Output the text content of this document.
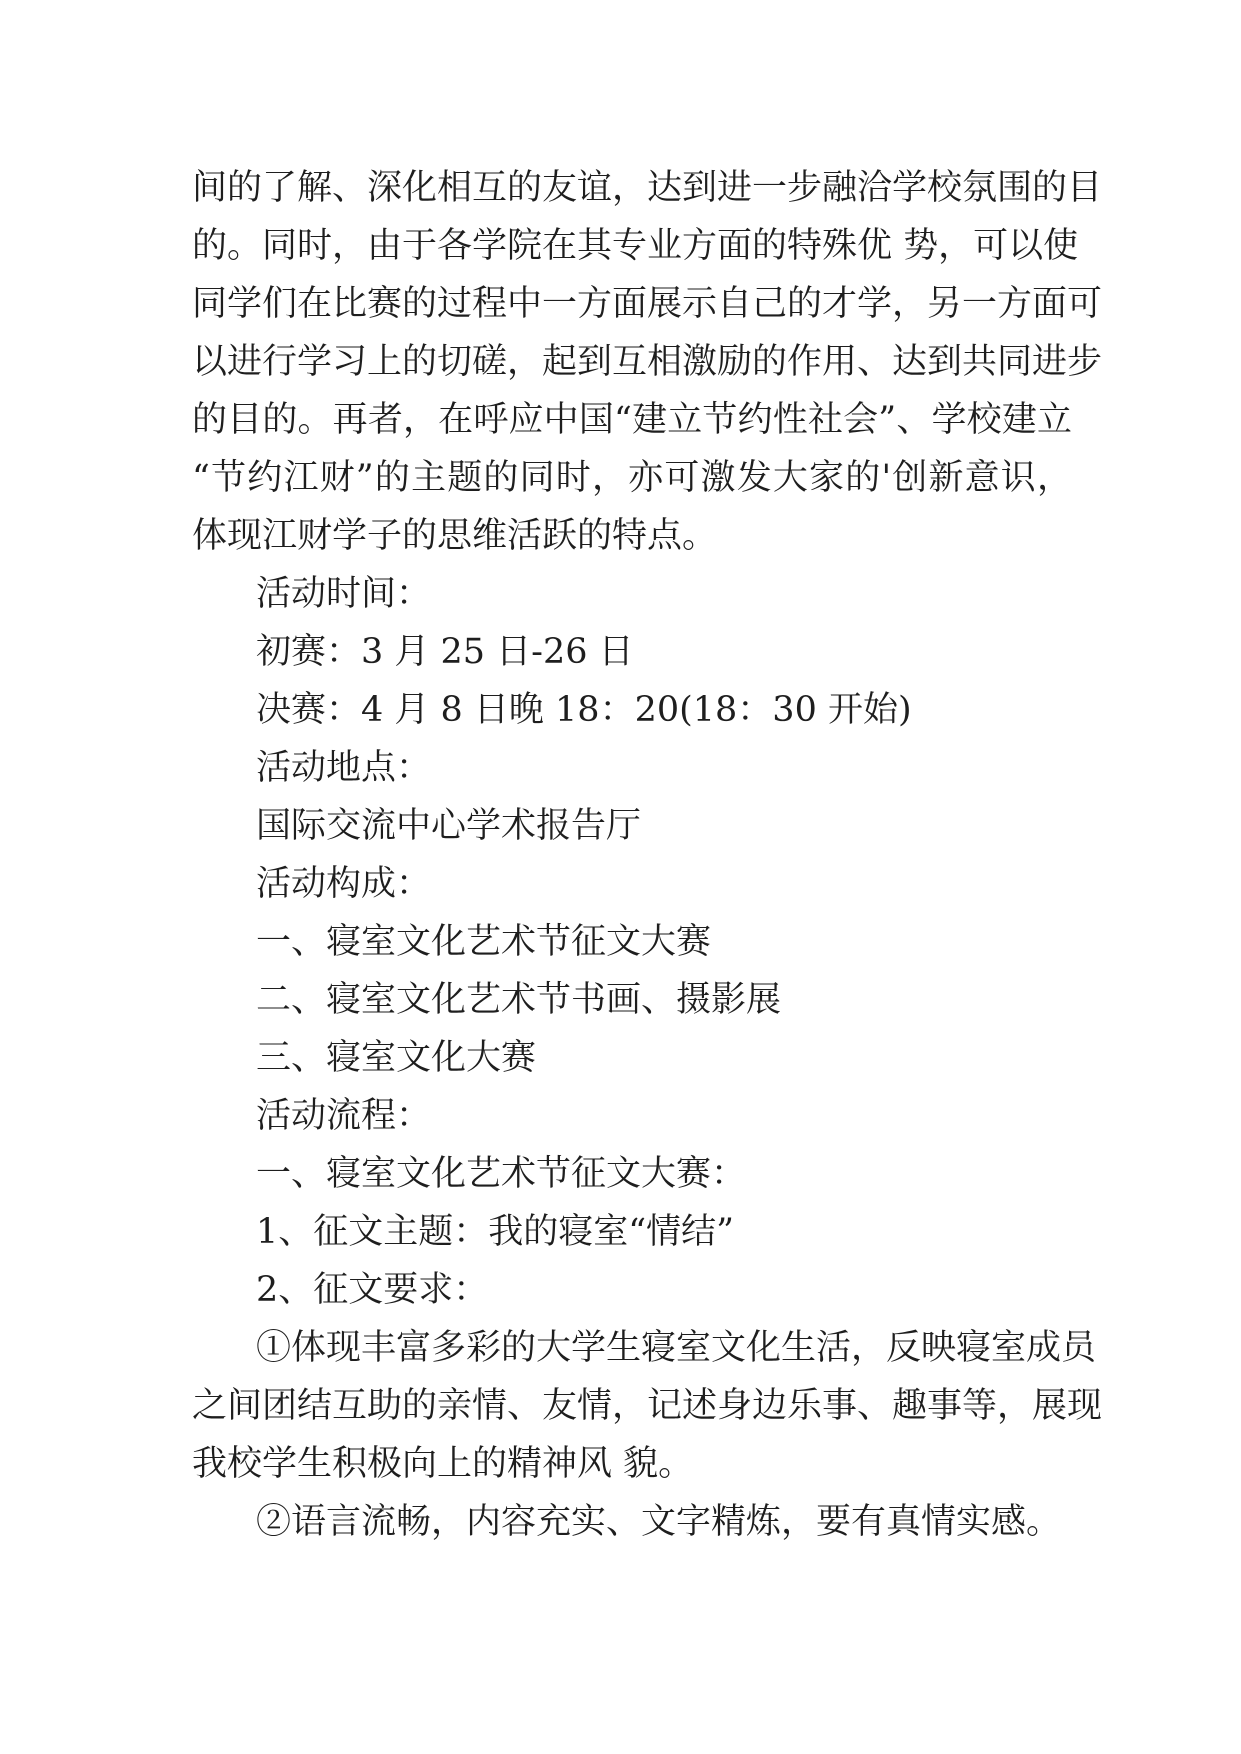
间的了解、深化相互的友谊，达到进一步融洽学校氛围的目
的。同时，由于各学院在其专业方面的特殊优 势，可以使
同学们在比赛的过程中一方面展示自己的才学，另一方面可
以进行学习上的切磋，起到互相激励的作用、达到共同进步
的目的。再者，在呼应中国“建立节约性社会”、学校建立
“节约江财”的主题的同时，亦可激发大家的'创新意识，
体现江财学子的思维活跃的特点。
活动时间：
初赛：3 月 25 日-26 日
决赛：4 月 8 日晚 18：20(18：30 开始)
活动地点：
国际交流中心学术报告厅
活动构成：
一、寝室文化艺术节征文大赛
二、寝室文化艺术节书画、摄影展
三、寝室文化大赛
活动流程：
一、寝室文化艺术节征文大赛：
1、征文主题：我的寝室“情结”
2、征文要求：
①体现丰富多彩的大学生寝室文化生活，反映寝室成员
之间团结互助的亲情、友情，记述身边乐事、趣事等，展现
我校学生积极向上的精神风 貌。
②语言流畅，内容充实、文字精炼，要有真情实感。
